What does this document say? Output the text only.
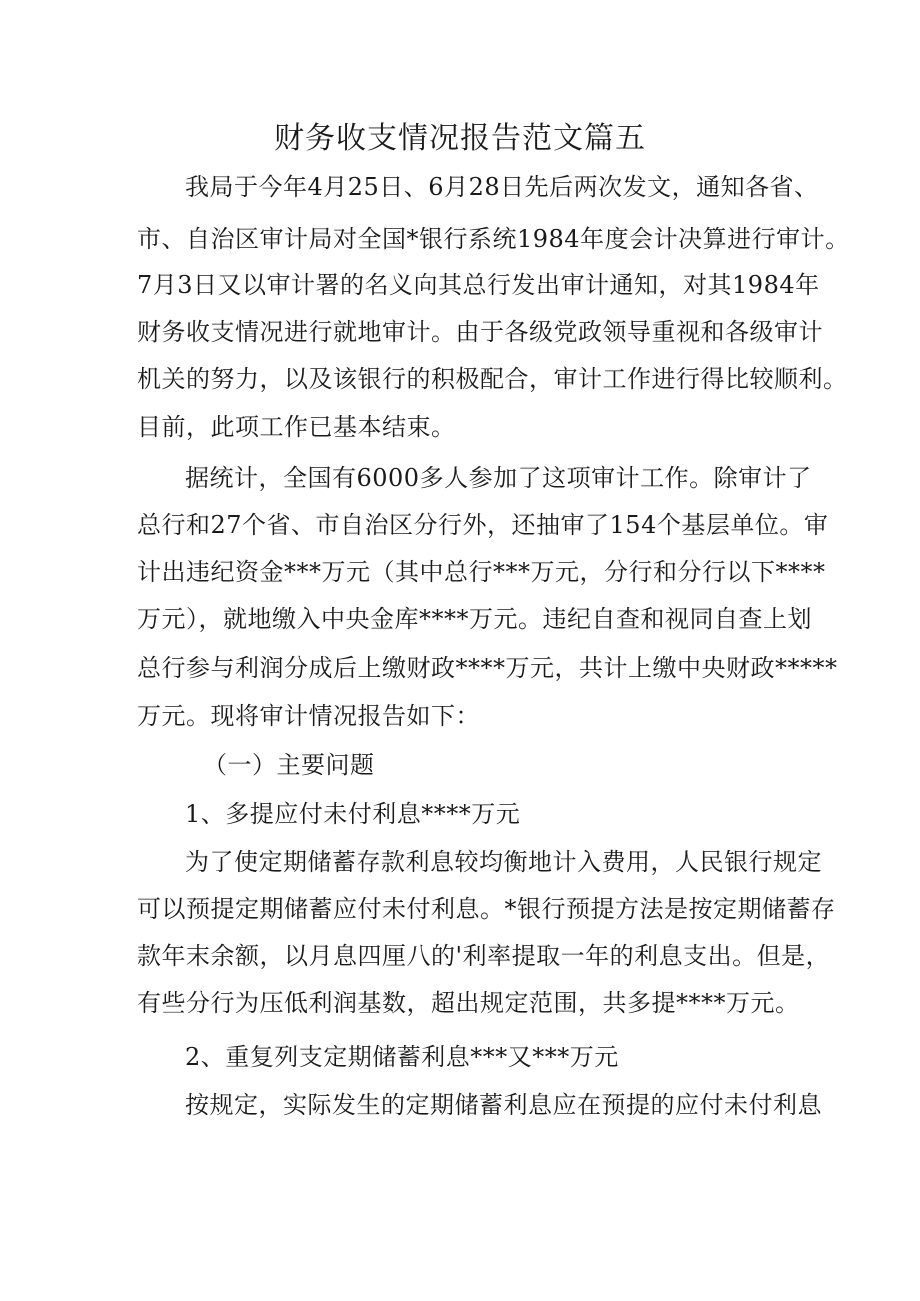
财务收支情况报告范文篇五

我局于今年4月25日、6月28日先后两次发文，通知各省、

市、自治区审计局对全国*银行系统1984年度会计决算进行审计。

7月3日又以审计署的名义向其总行发出审计通知，对其1984年

财务收支情况进行就地审计。由于各级党政领导重视和各级审计

机关的努力，以及该银行的积极配合，审计工作进行得比较顺利。

目前，此项工作已基本结束。

据统计，全国有6000多人参加了这项审计工作。除审计了

总行和27个省、市自治区分行外，还抽审了154个基层单位。审

计出违纪资金***万元（其中总行***万元，分行和分行以下****

万元），就地缴入中央金库****万元。违纪自查和视同自查上划

总行参与利润分成后上缴财政****万元，共计上缴中央财政*****

万元。现将审计情况报告如下：

（一）主要问题

1、多提应付未付利息****万元

为了使定期储蓄存款利息较均衡地计入费用，人民银行规定

可以预提定期储蓄应付未付利息。*银行预提方法是按定期储蓄存

款年末余额，以月息四厘八的'利率提取一年的利息支出。但是，

有些分行为压低利润基数，超出规定范围，共多提****万元。

2、重复列支定期储蓄利息***又***万元

按规定，实际发生的定期储蓄利息应在预提的应付未付利息
